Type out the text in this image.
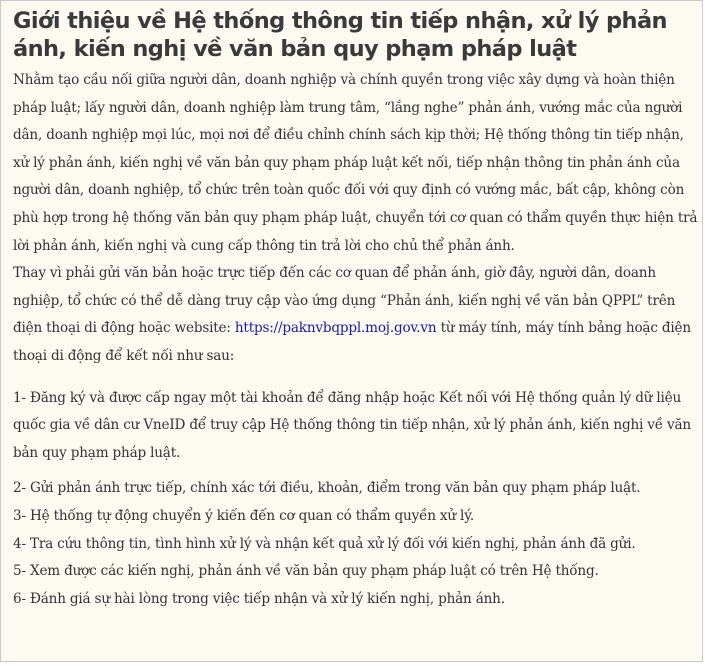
Giới thiệu về Hệ thống thông tin tiếp nhận, xử lý phản ánh, kiến nghị về văn bản quy phạm pháp luật

Nhằm tạo cầu nối giữa người dân, doanh nghiệp và chính quyền trong việc xây dựng và hoàn thiện pháp luật; lấy người dân, doanh nghiệp làm trung tâm, “lắng nghe” phản ánh, vướng mắc của người dân, doanh nghiệp mọi lúc, mọi nơi để điều chỉnh chính sách kịp thời; Hệ thống thông tin tiếp nhận, xử lý phản ánh, kiến nghị về văn bản quy phạm pháp luật kết nối, tiếp nhận thông tin phản ánh của người dân, doanh nghiệp, tổ chức trên toàn quốc đối với quy định có vướng mắc, bất cập, không còn phù hợp trong hệ thống văn bản quy phạm pháp luật, chuyển tới cơ quan có thẩm quyền thực hiện trả lời phản ánh, kiến nghị và cung cấp thông tin trả lời cho chủ thể phản ánh.

Thay vì phải gửi văn bản hoặc trực tiếp đến các cơ quan để phản ánh, giờ đây, người dân, doanh nghiệp, tổ chức có thể dễ dàng truy cập vào ứng dụng “Phản ánh, kiến nghị về văn bản QPPL” trên điện thoại di động hoặc website: https://paknvbqppl.moj.gov.vn từ máy tính, máy tính bảng hoặc điện thoại di động để kết nối như sau:

1- Đăng ký và được cấp ngay một tài khoản để đăng nhập hoặc Kết nối với Hệ thống quản lý dữ liệu quốc gia về dân cư VneID để truy cập Hệ thống thông tin tiếp nhận, xử lý phản ánh, kiến nghị về văn bản quy phạm pháp luật.

2- Gửi phản ánh trực tiếp, chính xác tới điều, khoản, điểm trong văn bản quy phạm pháp luật.

3- Hệ thống tự động chuyển ý kiến đến cơ quan có thẩm quyền xử lý.

4- Tra cứu thông tin, tình hình xử lý và nhận kết quả xử lý đối với kiến nghị, phản ánh đã gửi.

5- Xem được các kiến nghị, phản ánh về văn bản quy phạm pháp luật có trên Hệ thống.

6- Đánh giá sự hài lòng trong việc tiếp nhận và xử lý kiến nghị, phản ánh.
